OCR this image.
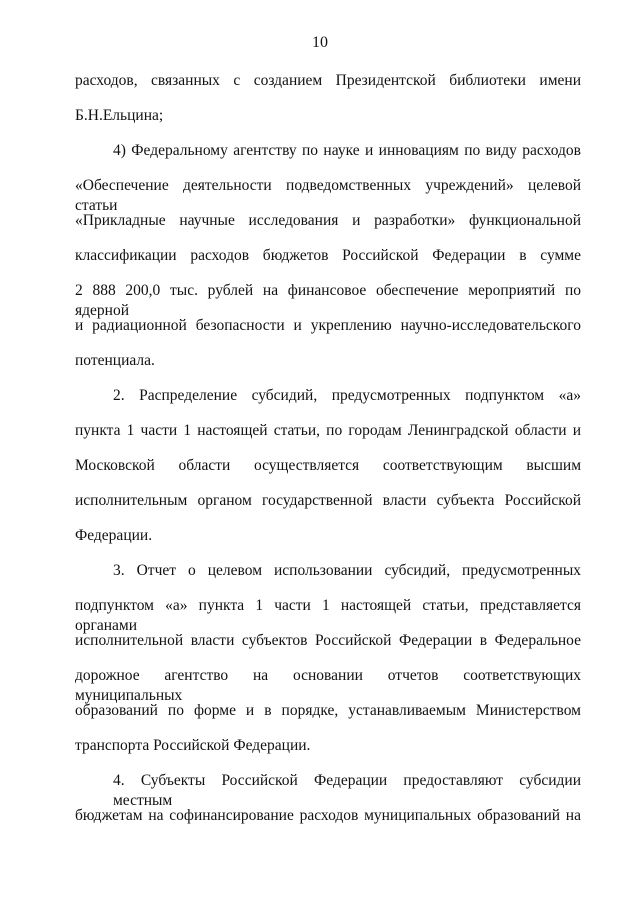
10
расходов, связанных с созданием Президентской библиотеки имени
Б.Н.Ельцина;
4) Федеральному агентству по науке и инновациям по виду расходов
«Обеспечение деятельности подведомственных учреждений» целевой статьи
«Прикладные научные исследования и разработки» функциональной
классификации расходов бюджетов Российской Федерации в сумме
2 888 200,0 тыс. рублей на финансовое обеспечение мероприятий по ядерной
и радиационной безопасности и укреплению научно-исследовательского
потенциала.
2. Распределение субсидий, предусмотренных подпунктом «а»
пункта 1 части 1 настоящей статьи, по городам Ленинградской области и
Московской области осуществляется соответствующим высшим
исполнительным органом государственной власти субъекта Российской
Федерации.
3. Отчет о целевом использовании субсидий, предусмотренных
подпунктом «а» пункта 1 части 1 настоящей статьи, представляется органами
исполнительной власти субъектов Российской Федерации в Федеральное
дорожное агентство на основании отчетов соответствующих муниципальных
образований по форме и в порядке, устанавливаемым Министерством
транспорта Российской Федерации.
4. Субъекты Российской Федерации предоставляют субсидии местным
бюджетам на софинансирование расходов муниципальных образований на
